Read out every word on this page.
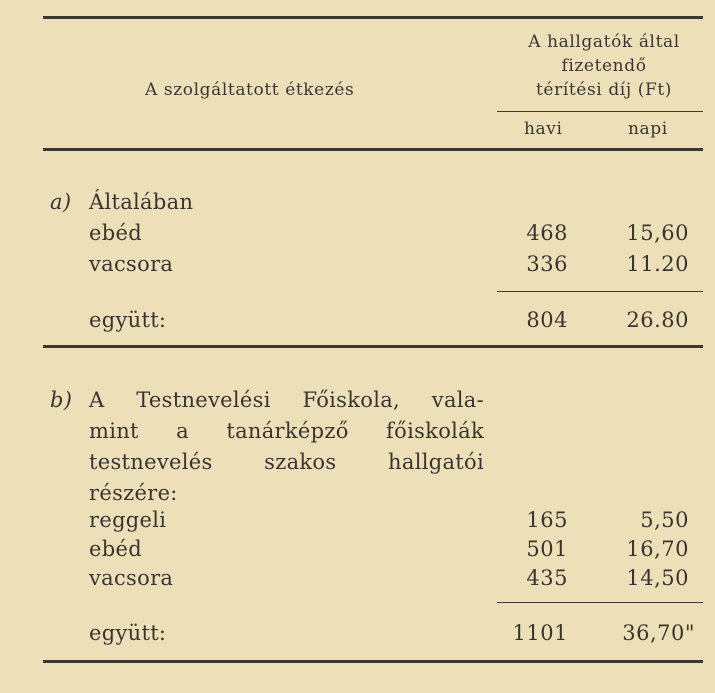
A szolgáltatott étkezés
A hallgatók által
fizetendő
térítési díj (Ft)
havi	napi
a) Általában
ebéd	468	15,60
vacsora	336	11.20
együtt:	804	26.80
b) A Testnevelési Főiskola, vala-
mint a tanárképző főiskolák
testnevelés szakos hallgatói
részére:
reggeli	165	5,50
ebéd	501	16,70
vacsora	435	14,50
együtt:	1101	36,70"
